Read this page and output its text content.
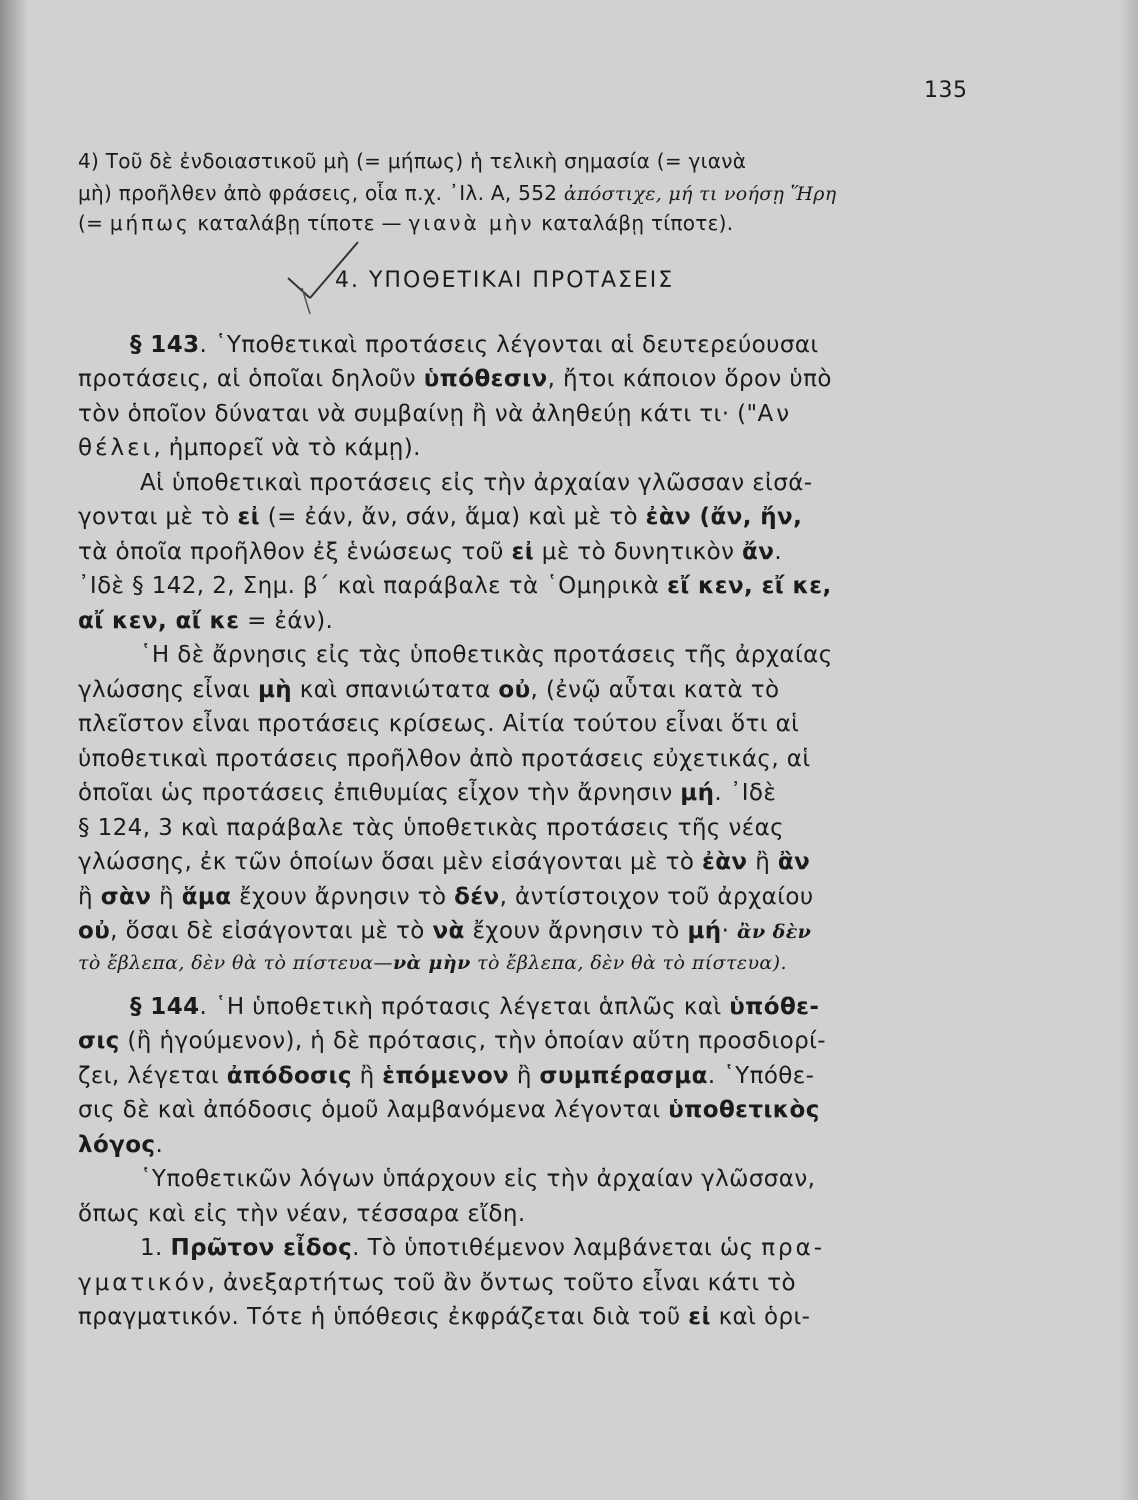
135

4) Τοῦ δὲ ἐνδοιαστικοῦ μὴ (= μήπως) ἡ τελικὴ σημασία (= γιανὰ

μὴ) προῆλθεν ἀπὸ φράσεις, οἷα π.χ. ᾿Ιλ. Α, 552 ἀπόστιχε, μή τι νοήσῃ Ἥρη

(= μήπως καταλάβῃ τίποτε — γιανὰ μὴν καταλάβῃ τίποτε).

4. ΥΠΟΘΕΤΙΚΑΙ ΠΡΟΤΑΣΕΙΣ

§ 143. ῾Υποθετικαὶ προτάσεις λέγονται αἱ δευτερεύουσαι

προτάσεις, αἱ ὁποῖαι δηλοῦν ὑπόθεσιν, ἤτοι κάποιον ὅρον ὑπὸ

τὸν ὁποῖον δύναται νὰ συμβαίνῃ ἢ νὰ ἀληθεύῃ κάτι τι· ("Αν

θέλει, ἠμπορεῖ νὰ τὸ κάμῃ).

Αἱ ὑποθετικαὶ προτάσεις εἰς τὴν ἀρχαίαν γλῶσσαν εἰσά-

γονται μὲ τὸ εἰ (= ἐάν, ἄν, σάν, ἅμα) καὶ μὲ τὸ ἐὰν (ἄν, ἤν,

τὰ ὁποῖα προῆλθον ἐξ ἑνώσεως τοῦ εἰ μὲ τὸ δυνητικὸν ἄν.

᾿Ιδὲ § 142, 2, Σημ. β΄ καὶ παράβαλε τὰ ῾Ομηρικὰ εἴ κεν, εἴ κε,

αἴ κεν, αἴ κε = ἐάν).

῾Η δὲ ἄρνησις εἰς τὰς ὑποθετικὰς προτάσεις τῆς ἀρχαίας

γλώσσης εἶναι μὴ καὶ σπανιώτατα οὐ, (ἐνῷ αὗται κατὰ τὸ

πλεῖστον εἶναι προτάσεις κρίσεως. Αἰτία τούτου εἶναι ὅτι αἱ

ὑποθετικαὶ προτάσεις προῆλθον ἀπὸ προτάσεις εὐχετικάς, αἱ

ὁποῖαι ὡς προτάσεις ἐπιθυμίας εἶχον τὴν ἄρνησιν μή. ᾿Ιδὲ

§ 124, 3 καὶ παράβαλε τὰς ὑποθετικὰς προτάσεις τῆς νέας

γλώσσης, ἐκ τῶν ὁποίων ὅσαι μὲν εἰσάγονται μὲ τὸ ἐὰν ἢ ἂν

ἢ σὰν ἢ ἅμα ἔχουν ἄρνησιν τὸ δέν, ἀντίστοιχον τοῦ ἀρχαίου

οὐ, ὅσαι δὲ εἰσάγονται μὲ τὸ νὰ ἔχουν ἄρνησιν τὸ μή· ἂν δὲν

τὸ ἔβλεπα, δὲν θὰ τὸ πίστευα—νὰ μὴν τὸ ἔβλεπα, δὲν θὰ τὸ πίστευα).

§ 144. ῾Η ὑποθετικὴ πρότασις λέγεται ἁπλῶς καὶ ὑπόθε-

σις (ἢ ἡγούμενον), ἡ δὲ πρότασις, τὴν ὁποίαν αὕτη προσδιορί-

ζει, λέγεται ἀπόδοσις ἢ ἑπόμενον ἢ συμπέρασμα. ῾Υπόθε-

σις δὲ καὶ ἀπόδοσις ὁμοῦ λαμβανόμενα λέγονται ὑποθετικὸς

λόγος.

῾Υποθετικῶν λόγων ὑπάρχουν εἰς τὴν ἀρχαίαν γλῶσσαν,

ὅπως καὶ εἰς τὴν νέαν, τέσσαρα εἴδη.

1. Πρῶτον εἶδος. Τὸ ὑποτιθέμενον λαμβάνεται ὡς πρα-

γματικόν, ἀνεξαρτήτως τοῦ ἂν ὄντως τοῦτο εἶναι κάτι τὸ

πραγματικόν. Τότε ἡ ὑπόθεσις ἐκφράζεται διὰ τοῦ εἰ καὶ ὁρι-
